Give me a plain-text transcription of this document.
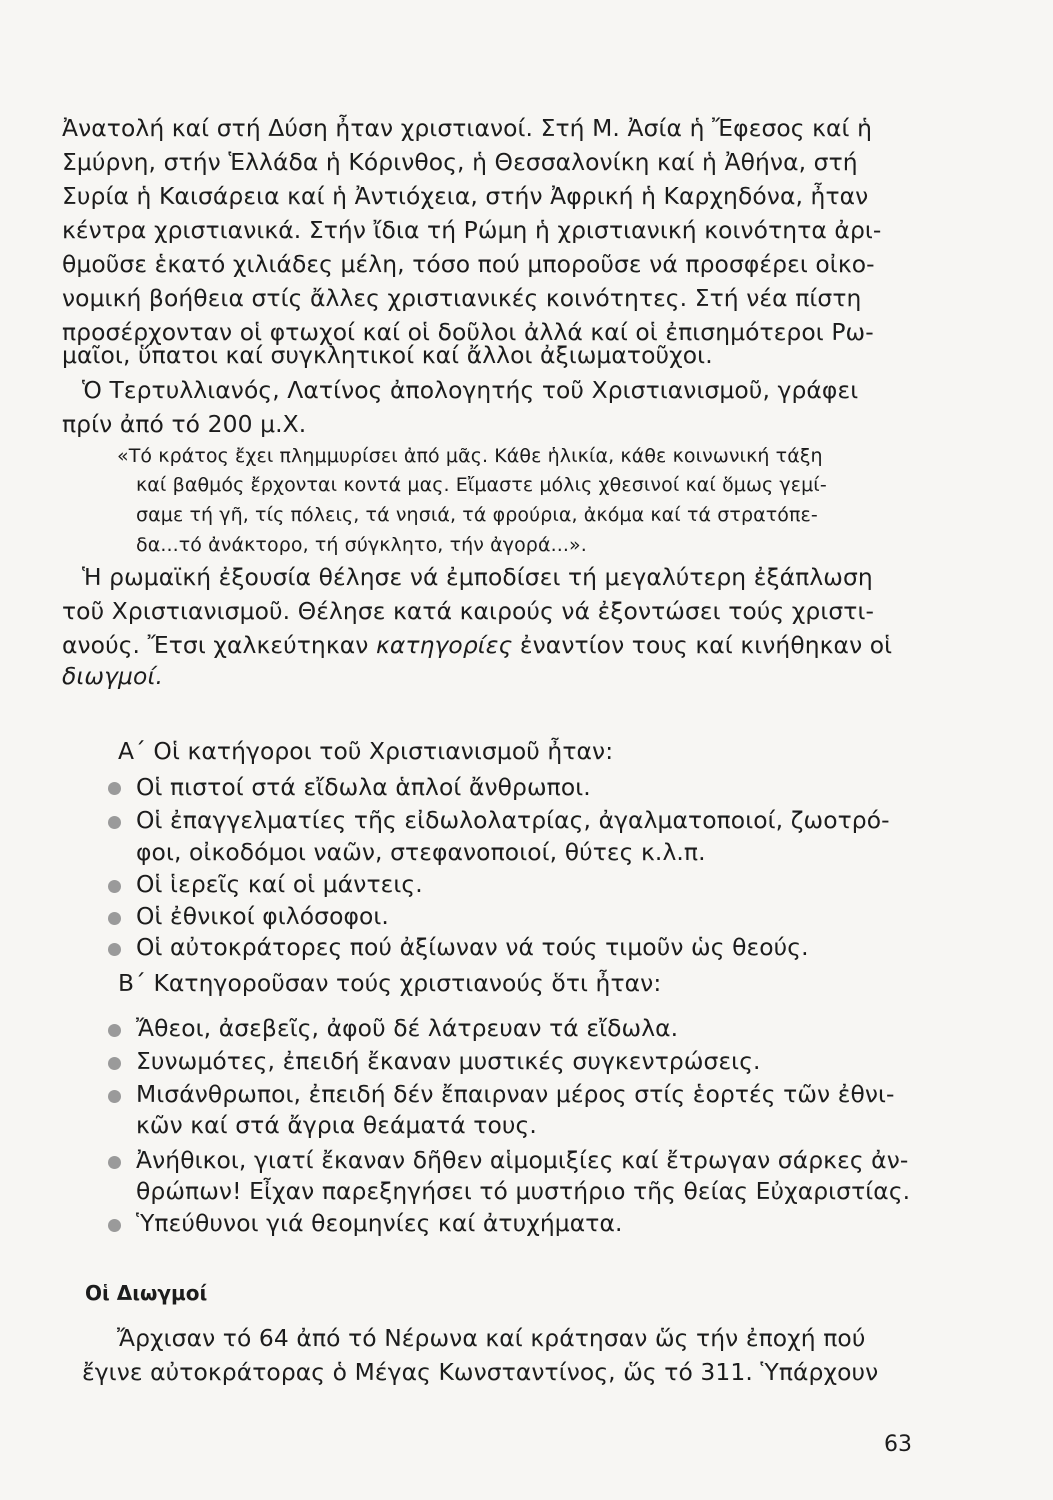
Ἀνατολή καί στή Δύση ἦταν χριστιανοί. Στή Μ. Ἀσία ἡ Ἔφεσος καί ἡ
Σμύρνη, στήν Ἑλλάδα ἡ Κόρινθος, ἡ Θεσσαλονίκη καί ἡ Ἀθήνα, στή
Συρία ἡ Καισάρεια καί ἡ Ἀντιόχεια, στήν Ἀφρική ἡ Καρχηδόνα, ἦταν
κέντρα χριστιανικά. Στήν ἴδια τή Ρώμη ἡ χριστιανική κοινότητα ἀρι-
θμοῦσε ἑκατό χιλιάδες μέλη, τόσο πού μποροῦσε νά προσφέρει οἰκο-
νομική βοήθεια στίς ἄλλες χριστιανικές κοινότητες. Στή νέα πίστη
προσέρχονταν οἱ φτωχοί καί οἱ δοῦλοι ἀλλά καί οἱ ἐπισημότεροι Ρω-
μαῖοι, ὕπατοι καί συγκλητικοί καί ἄλλοι ἀξιωματοῦχοι.
Ὁ Τερτυλλιανός, Λατίνος ἀπολογητής τοῦ Χριστιανισμοῦ, γράφει
πρίν ἀπό τό 200 μ.Χ.
«Τό κράτος ἔχει πλημμυρίσει ἀπό μᾶς. Κάθε ἡλικία, κάθε κοινωνική τάξη
καί βαθμός ἔρχονται κοντά μας. Εἴμαστε μόλις χθεσινοί καί ὅμως γεμί-
σαμε τή γῆ, τίς πόλεις, τά νησιά, τά φρούρια, ἀκόμα καί τά στρατόπε-
δα...τό ἀνάκτορο, τή σύγκλητο, τήν ἀγορά...».
Ἡ ρωμαϊκή ἐξουσία θέλησε νά ἐμποδίσει τή μεγαλύτερη ἐξάπλωση
τοῦ Χριστιανισμοῦ. Θέλησε κατά καιρούς νά ἐξοντώσει τούς χριστι-
ανούς. Ἔτσι χαλκεύτηκαν κατηγορίες ἐναντίον τους καί κινήθηκαν οἱ
διωγμοί.
Α΄ Οἱ κατήγοροι τοῦ Χριστιανισμοῦ ἦταν:
Οἱ πιστοί στά εἴδωλα ἁπλοί ἄνθρωποι.
Οἱ ἐπαγγελματίες τῆς εἰδωλολατρίας, ἀγαλματοποιοί, ζωοτρό-
φοι, οἰκοδόμοι ναῶν, στεφανοποιοί, θύτες κ.λ.π.
Οἱ ἱερεῖς καί οἱ μάντεις.
Οἱ ἐθνικοί φιλόσοφοι.
Οἱ αὐτοκράτορες πού ἀξίωναν νά τούς τιμοῦν ὡς θεούς.
Β΄ Κατηγοροῦσαν τούς χριστιανούς ὅτι ἦταν:
Ἄθεοι, ἀσεβεῖς, ἀφοῦ δέ λάτρευαν τά εἴδωλα.
Συνωμότες, ἐπειδή ἔκαναν μυστικές συγκεντρώσεις.
Μισάνθρωποι, ἐπειδή δέν ἔπαιρναν μέρος στίς ἑορτές τῶν ἐθνι-
κῶν καί στά ἄγρια θεάματά τους.
Ἀνήθικοι, γιατί ἔκαναν δῆθεν αἱμομιξίες καί ἔτρωγαν σάρκες ἀν-
θρώπων! Εἶχαν παρεξηγήσει τό μυστήριο τῆς θείας Εὐχαριστίας.
Ὑπεύθυνοι γιά θεομηνίες καί ἀτυχήματα.
Οἱ Διωγμοί
Ἄρχισαν τό 64 ἀπό τό Νέρωνα καί κράτησαν ὥς τήν ἐποχή πού
ἔγινε αὐτοκράτορας ὁ Μέγας Κωνσταντίνος, ὥς τό 311. Ὑπάρχουν
63
